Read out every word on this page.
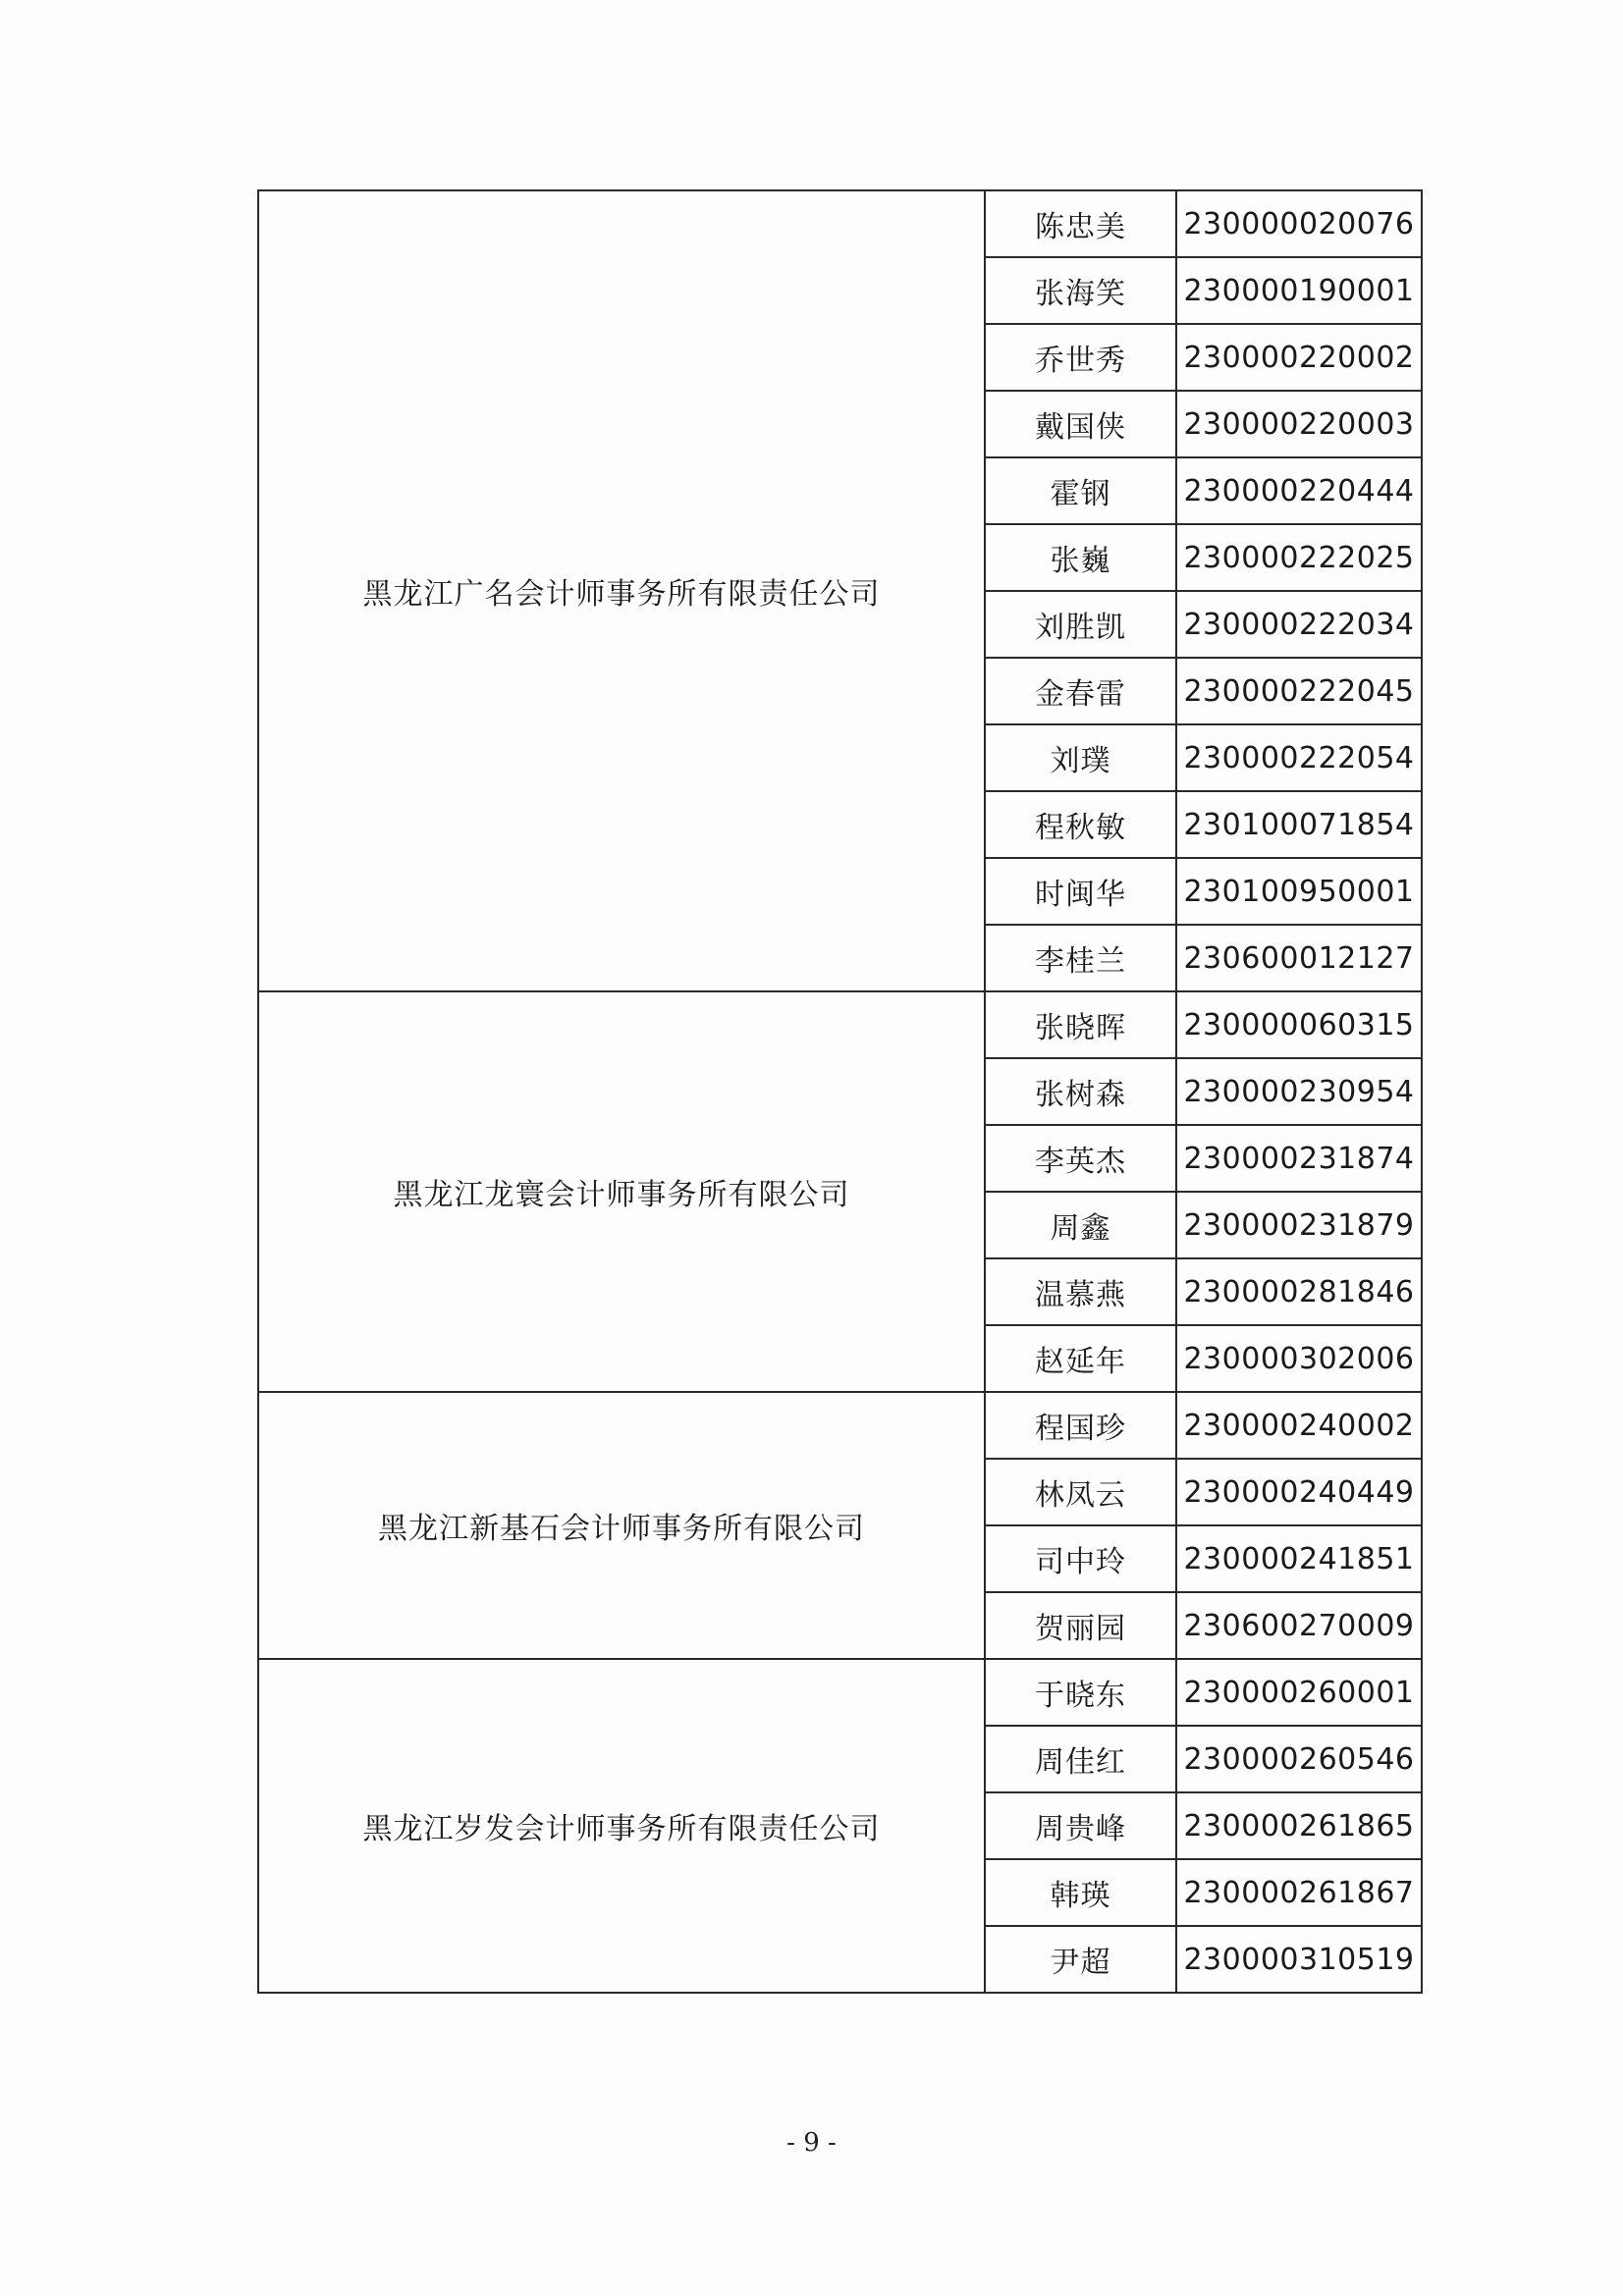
黑龙江广名会计师事务所有限责任公司	陈忠美	230000020076
	张海笑	230000190001
	乔世秀	230000220002
	戴国侠	230000220003
	霍钢	230000220444
	张巍	230000222025
	刘胜凯	230000222034
	金春雷	230000222045
	刘璞	230000222054
	程秋敏	230100071854
	时闽华	230100950001
	李桂兰	230600012127
黑龙江龙寰会计师事务所有限公司	张晓晖	230000060315
	张树森	230000230954
	李英杰	230000231874
	周鑫	230000231879
	温慕燕	230000281846
	赵延年	230000302006
黑龙江新基石会计师事务所有限公司	程国珍	230000240002
	林凤云	230000240449
	司中玲	230000241851
	贺丽园	230600270009
黑龙江岁发会计师事务所有限责任公司	于晓东	230000260001
	周佳红	230000260546
	周贵峰	230000261865
	韩瑛	230000261867
	尹超	230000310519
- 9 -
